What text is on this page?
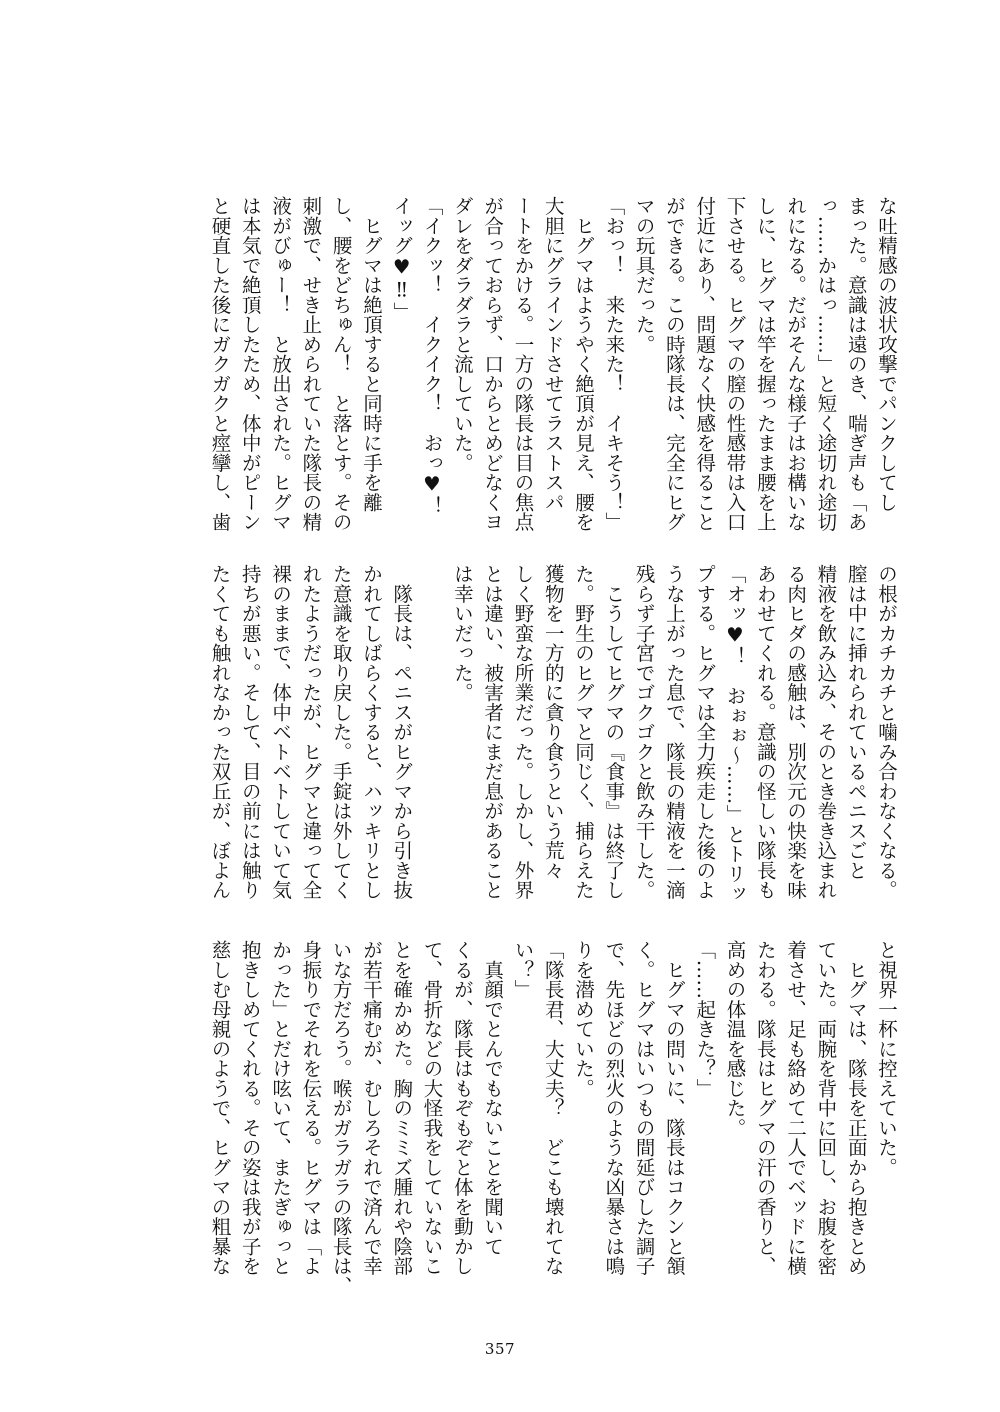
な吐精感の波状攻撃でパンクしてし
まった。意識は遠のき、喘ぎ声も「あ
っ……かはっ……」と短く途切れ途切
れになる。だがそんな様子はお構いな
しに、ヒグマは竿を握ったまま腰を上
下させる。ヒグマの膣の性感帯は入口
付近にあり、問題なく快感を得ること
ができる。この時隊長は、完全にヒグ
マの玩具だった。
「おっ！　来た来た！　イキそう！」
　ヒグマはようやく絶頂が見え、腰を
大胆にグラインドさせてラストスパ
ートをかける。一方の隊長は目の焦点
が合っておらず、口からとめどなくヨ
ダレをダラダラと流していた。
「イクッ！　イクイク！　おっ♥！
イッグ♥‼」
　ヒグマは絶頂すると同時に手を離
し、腰をどちゅん！　と落とす。その
刺激で、せき止められていた隊長の精
液がびゅー！　と放出された。ヒグマ
は本気で絶頂したため、体中がピーン
と硬直した後にガクガクと痙攣し、歯
の根がカチカチと噛み合わなくなる。
膣は中に挿れられているペニスごと
精液を飲み込み、そのとき巻き込まれ
る肉ヒダの感触は、別次元の快楽を味
あわせてくれる。意識の怪しい隊長も
「オッ♥！　おぉぉ～……」とトリッ
プする。ヒグマは全力疾走した後のよ
うな上がった息で、隊長の精液を一滴
残らず子宮でゴクゴクと飲み干した。
　こうしてヒグマの『食事』は終了し
た。野生のヒグマと同じく、捕らえた
獲物を一方的に貪り食うという荒々
しく野蛮な所業だった。しかし、外界
とは違い、被害者にまだ息があること
は幸いだった。

　隊長は、ペニスがヒグマから引き抜
かれてしばらくすると、ハッキリとし
た意識を取り戻した。手錠は外してく
れたようだったが、ヒグマと違って全
裸のままで、体中ベトベトしていて気
持ちが悪い。そして、目の前には触り
たくても触れなかった双丘が、ぼよん
と視界一杯に控えていた。
　ヒグマは、隊長を正面から抱きとめ
ていた。両腕を背中に回し、お腹を密
着させ、足も絡めて二人でベッドに横
たわる。隊長はヒグマの汗の香りと、
高めの体温を感じた。
「……起きた？」
　ヒグマの問いに、隊長はコクンと頷
く。ヒグマはいつもの間延びした調子
で、先ほどの烈火のような凶暴さは鳴
りを潜めていた。
「隊長君、大丈夫？　どこも壊れてな
い？」
　真顔でとんでもないことを聞いて
くるが、隊長はもぞもぞと体を動かし
て、骨折などの大怪我をしていないこ
とを確かめた。胸のミミズ腫れや陰部
が若干痛むが、むしろそれで済んで幸
いな方だろう。喉がガラガラの隊長は、
身振りでそれを伝える。ヒグマは「よ
かった」とだけ呟いて、またぎゅっと
抱きしめてくれる。その姿は我が子を
慈しむ母親のようで、ヒグマの粗暴な
357
